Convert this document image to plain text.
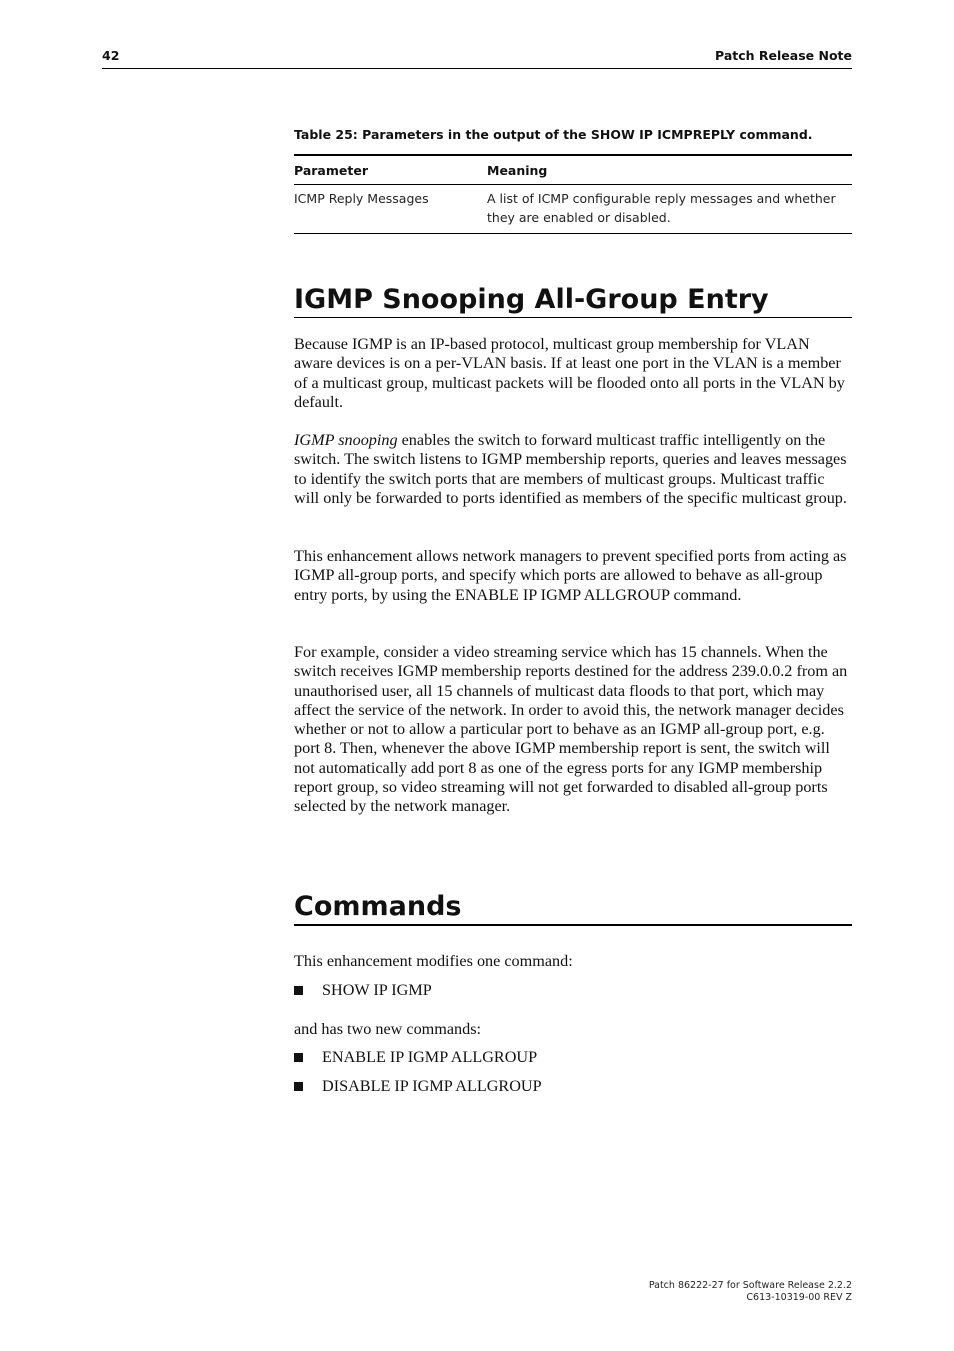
42	Patch Release Note
Table 25: Parameters in the output of the SHOW IP ICMPREPLY command.
Parameter	Meaning
ICMP Reply Messages	A list of ICMP configurable reply messages and whether they are enabled or disabled.
IGMP Snooping All-Group Entry
Because IGMP is an IP-based protocol, multicast group membership for VLAN aware devices is on a per-VLAN basis. If at least one port in the VLAN is a member of a multicast group, multicast packets will be flooded onto all ports in the VLAN by default.
IGMP snooping enables the switch to forward multicast traffic intelligently on the switch. The switch listens to IGMP membership reports, queries and leaves messages to identify the switch ports that are members of multicast groups. Multicast traffic will only be forwarded to ports identified as members of the specific multicast group.
This enhancement allows network managers to prevent specified ports from acting as IGMP all-group ports, and specify which ports are allowed to behave as all-group entry ports, by using the ENABLE IP IGMP ALLGROUP command.
For example, consider a video streaming service which has 15 channels. When the switch receives IGMP membership reports destined for the address 239.0.0.2 from an unauthorised user, all 15 channels of multicast data floods to that port, which may affect the service of the network. In order to avoid this, the network manager decides whether or not to allow a particular port to behave as an IGMP all-group port, e.g. port 8. Then, whenever the above IGMP membership report is sent, the switch will not automatically add port 8 as one of the egress ports for any IGMP membership report group, so video streaming will not get forwarded to disabled all-group ports selected by the network manager.
Commands
This enhancement modifies one command:
SHOW IP IGMP
and has two new commands:
ENABLE IP IGMP ALLGROUP
DISABLE IP IGMP ALLGROUP
Patch 86222-27 for Software Release 2.2.2
C613-10319-00 REV Z
